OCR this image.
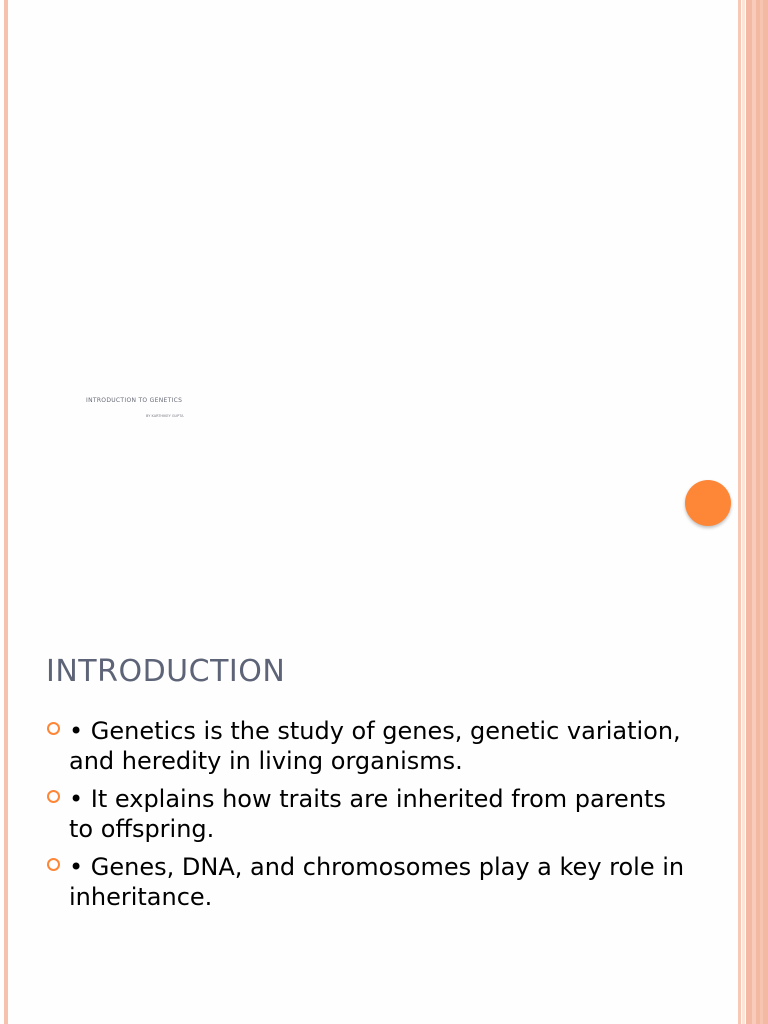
INTRODUCTION TO GENETICS
BY KARTHIKEY GUPTA
INTRODUCTION
• Genetics is the study of genes, genetic variation, and heredity in living organisms.
• It explains how traits are inherited from parents to offspring.
• Genes, DNA, and chromosomes play a key role in inheritance.
